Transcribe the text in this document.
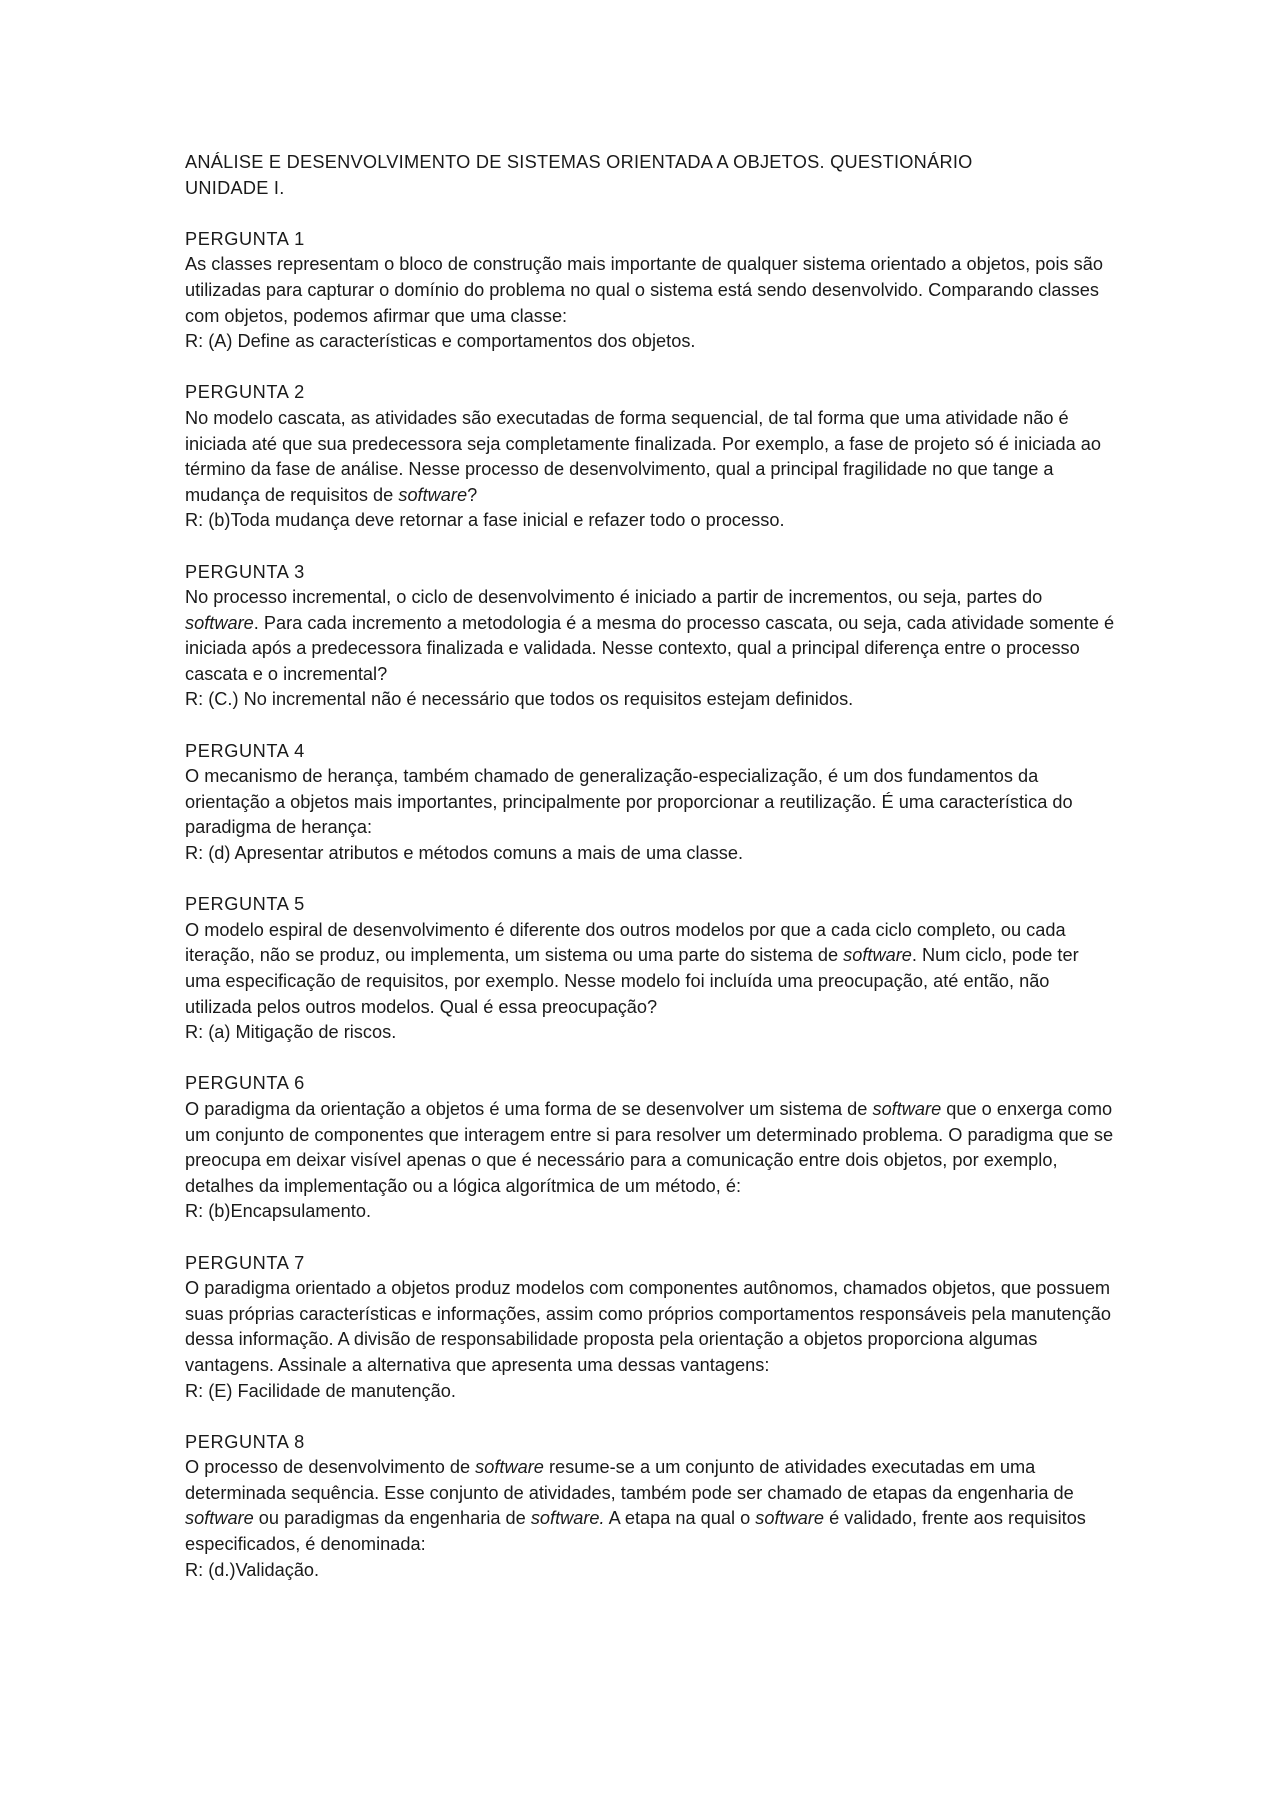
ANÁLISE E DESENVOLVIMENTO DE SISTEMAS ORIENTADA A OBJETOS. QUESTIONÁRIO
UNIDADE I.

PERGUNTA 1

As classes representam o bloco de construção mais importante de qualquer sistema orientado a objetos, pois são utilizadas para capturar o domínio do problema no qual o sistema está sendo desenvolvido. Comparando classes com objetos, podemos afirmar que uma classe:

R: (A) Define as características e comportamentos dos objetos.

PERGUNTA 2

No modelo cascata, as atividades são executadas de forma sequencial, de tal forma que uma atividade não é iniciada até que sua predecessora seja completamente finalizada. Por exemplo, a fase de projeto só é iniciada ao término da fase de análise. Nesse processo de desenvolvimento, qual a principal fragilidade no que tange a mudança de requisitos de software?

R: (b)Toda mudança deve retornar a fase inicial e refazer todo o processo.

PERGUNTA 3

No processo incremental, o ciclo de desenvolvimento é iniciado a partir de incrementos, ou seja, partes do software. Para cada incremento a metodologia é a mesma do processo cascata, ou seja, cada atividade somente é iniciada após a predecessora finalizada e validada. Nesse contexto, qual a principal diferença entre o processo cascata e o incremental?

R: (C.) No incremental não é necessário que todos os requisitos estejam definidos.

PERGUNTA 4

O mecanismo de herança, também chamado de generalização-especialização, é um dos fundamentos da orientação a objetos mais importantes, principalmente por proporcionar a reutilização. É uma característica do paradigma de herança:

R: (d) Apresentar atributos e métodos comuns a mais de uma classe.

PERGUNTA 5

O modelo espiral de desenvolvimento é diferente dos outros modelos por que a cada ciclo completo, ou cada iteração, não se produz, ou implementa, um sistema ou uma parte do sistema de software. Num ciclo, pode ter uma especificação de requisitos, por exemplo. Nesse modelo foi incluída uma preocupação, até então, não utilizada pelos outros modelos. Qual é essa preocupação?

R: (a) Mitigação de riscos.

PERGUNTA 6

O paradigma da orientação a objetos é uma forma de se desenvolver um sistema de software que o enxerga como um conjunto de componentes que interagem entre si para resolver um determinado problema. O paradigma que se preocupa em deixar visível apenas o que é necessário para a comunicação entre dois objetos, por exemplo, detalhes da implementação ou a lógica algorítmica de um método, é:

R: (b)Encapsulamento.

PERGUNTA 7

O paradigma orientado a objetos produz modelos com componentes autônomos, chamados objetos, que possuem suas próprias características e informações, assim como próprios comportamentos responsáveis pela manutenção dessa informação. A divisão de responsabilidade proposta pela orientação a objetos proporciona algumas vantagens. Assinale a alternativa que apresenta uma dessas vantagens:

R: (E) Facilidade de manutenção.

PERGUNTA 8

O processo de desenvolvimento de software resume-se a um conjunto de atividades executadas em uma determinada sequência. Esse conjunto de atividades, também pode ser chamado de etapas da engenharia de software ou paradigmas da engenharia de software. A etapa na qual o software é validado, frente aos requisitos especificados, é denominada:

R: (d.)Validação.
